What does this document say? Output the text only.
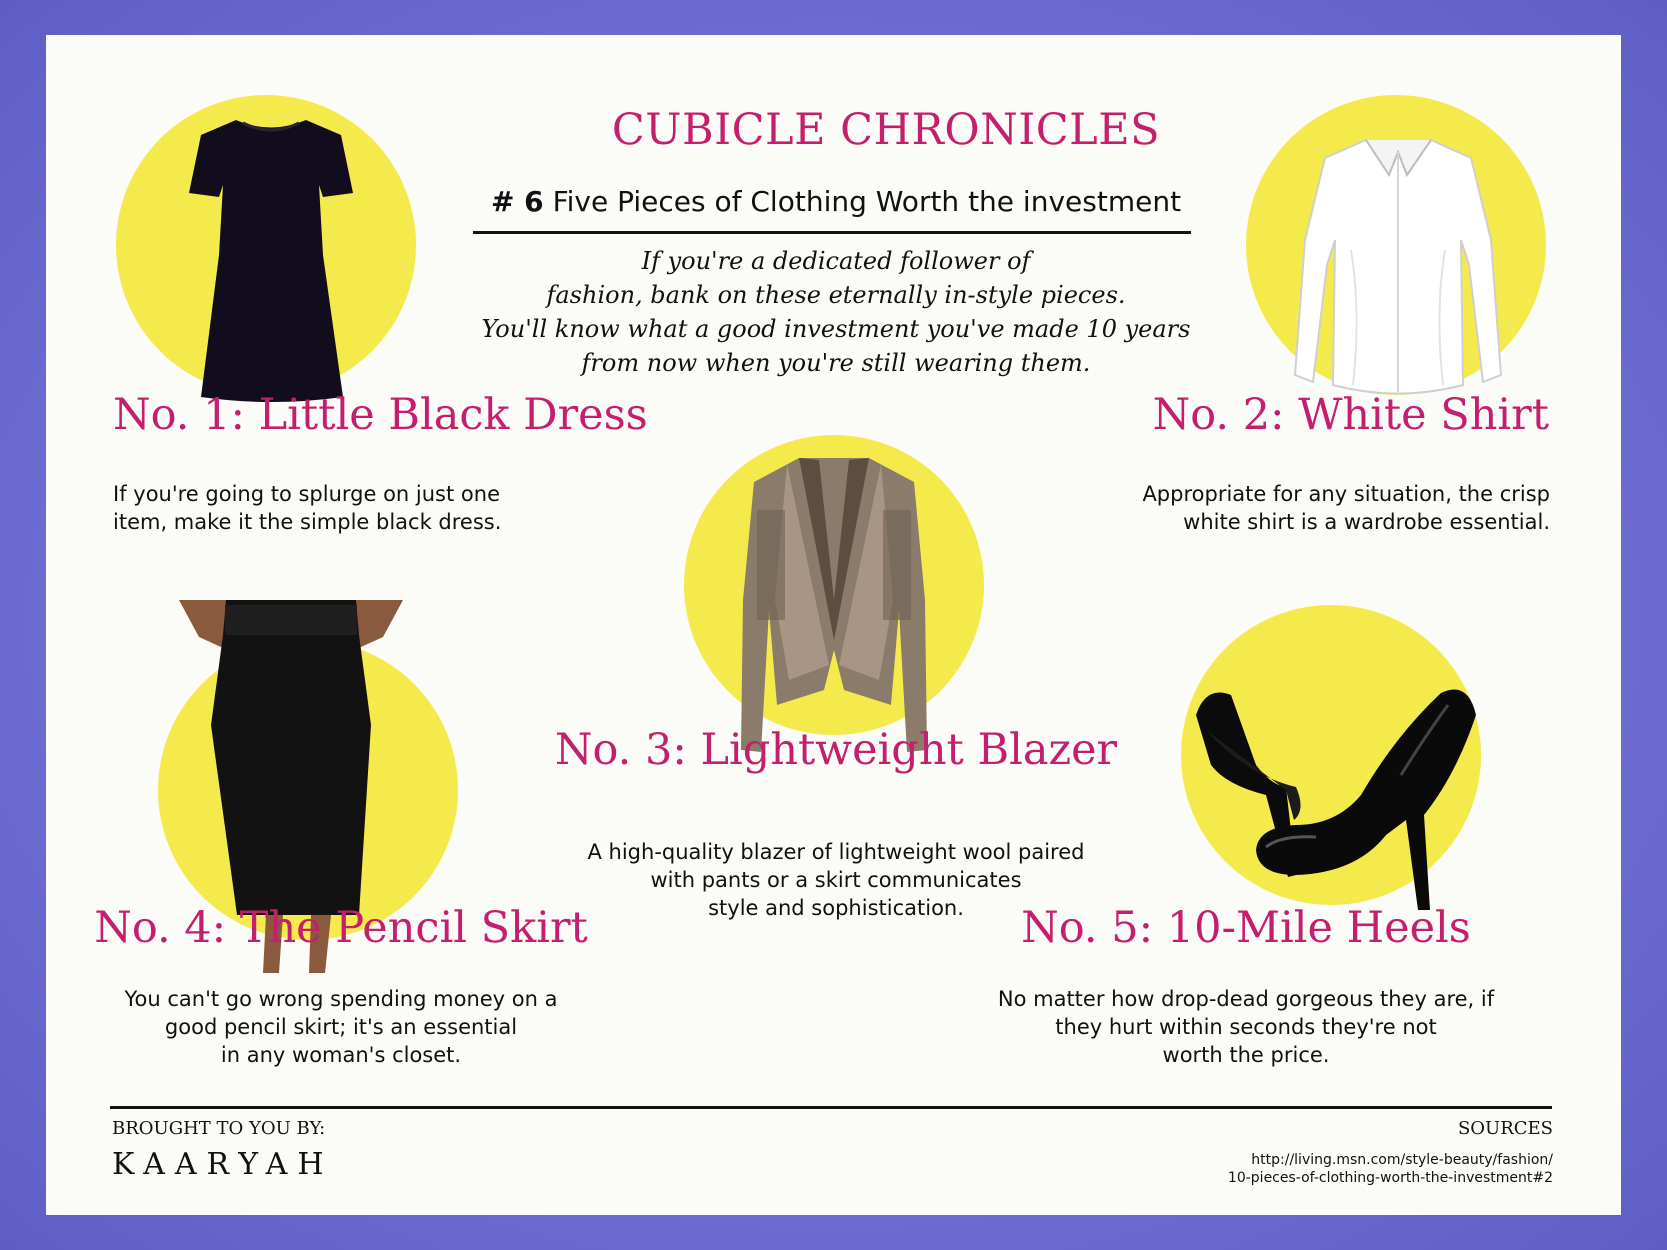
CUBICLE CHRONICLES
# 6 Five Pieces of Clothing Worth the investment
If you're a dedicated follower of
fashion, bank on these eternally in-style pieces.
You'll know what a good investment you've made 10 years
from now when you're still wearing them.
No. 1: Little Black Dress
If you're going to splurge on just one
item, make it the simple black dress.
No. 2: White Shirt
Appropriate for any situation, the crisp
white shirt is a wardrobe essential.
No. 3: Lightweight Blazer
A high-quality blazer of lightweight wool paired
with pants or a skirt communicates
style and sophistication.
No. 4: The Pencil Skirt
You can't go wrong spending money on a
good pencil skirt; it's an essential
in any woman's closet.
No. 5: 10-Mile Heels
No matter how drop-dead gorgeous they are, if
they hurt within seconds they're not
worth the price.
BROUGHT TO YOU BY:
KAARYAH
SOURCES
http://living.msn.com/style-beauty/fashion/
10-pieces-of-clothing-worth-the-investment#2
